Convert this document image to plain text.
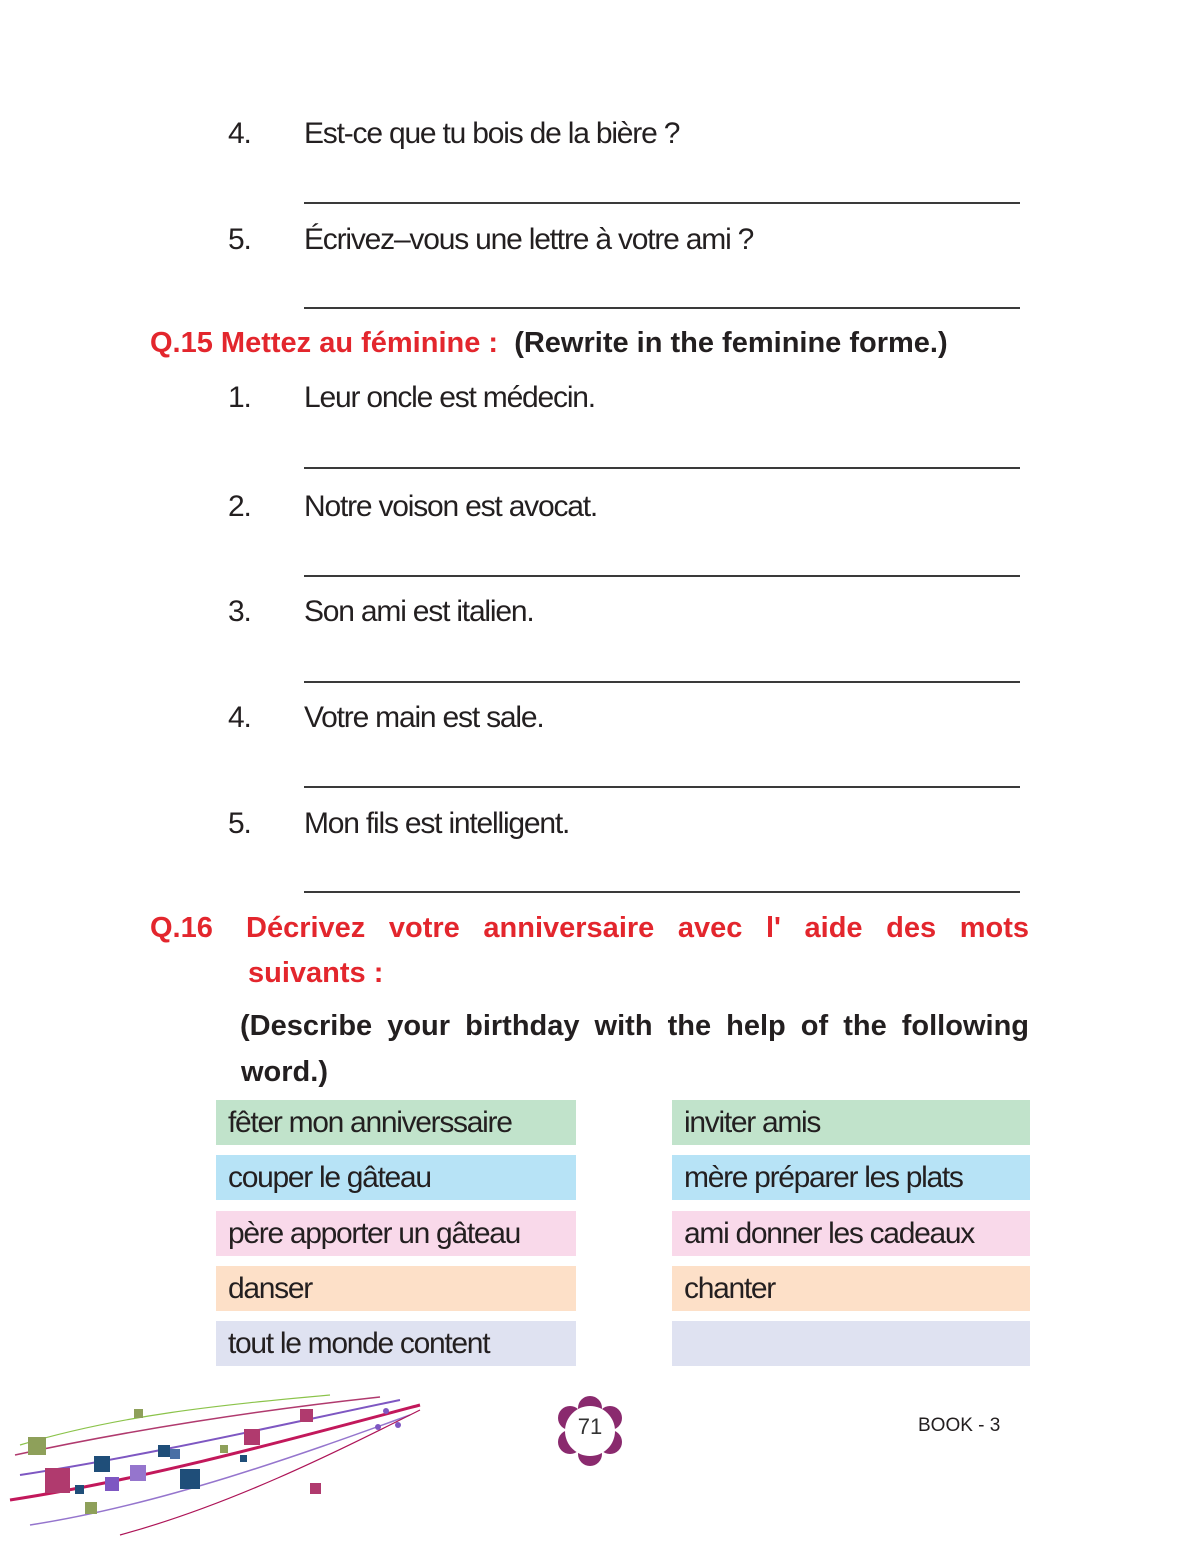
4. Est-ce que tu bois de la bière ?
5. Écrivez–vous une lettre à votre ami ?
Q.15 Mettez au féminine : (Rewrite in the feminine forme.)
1. Leur oncle est médecin.
2. Notre voison est avocat.
3. Son ami est italien.
4. Votre main est sale.
5. Mon fils est intelligent.
Q.16 Décrivez votre anniversaire avec l' aide des mots
suivants :
(Describe your birthday with the help of the following
word.)
fêter mon anniverssaire
couper le gâteau
père apporter un gâteau
danser
tout le monde content
inviter amis
mère préparer les plats
ami donner les cadeaux
chanter
71	BOOK - 3
